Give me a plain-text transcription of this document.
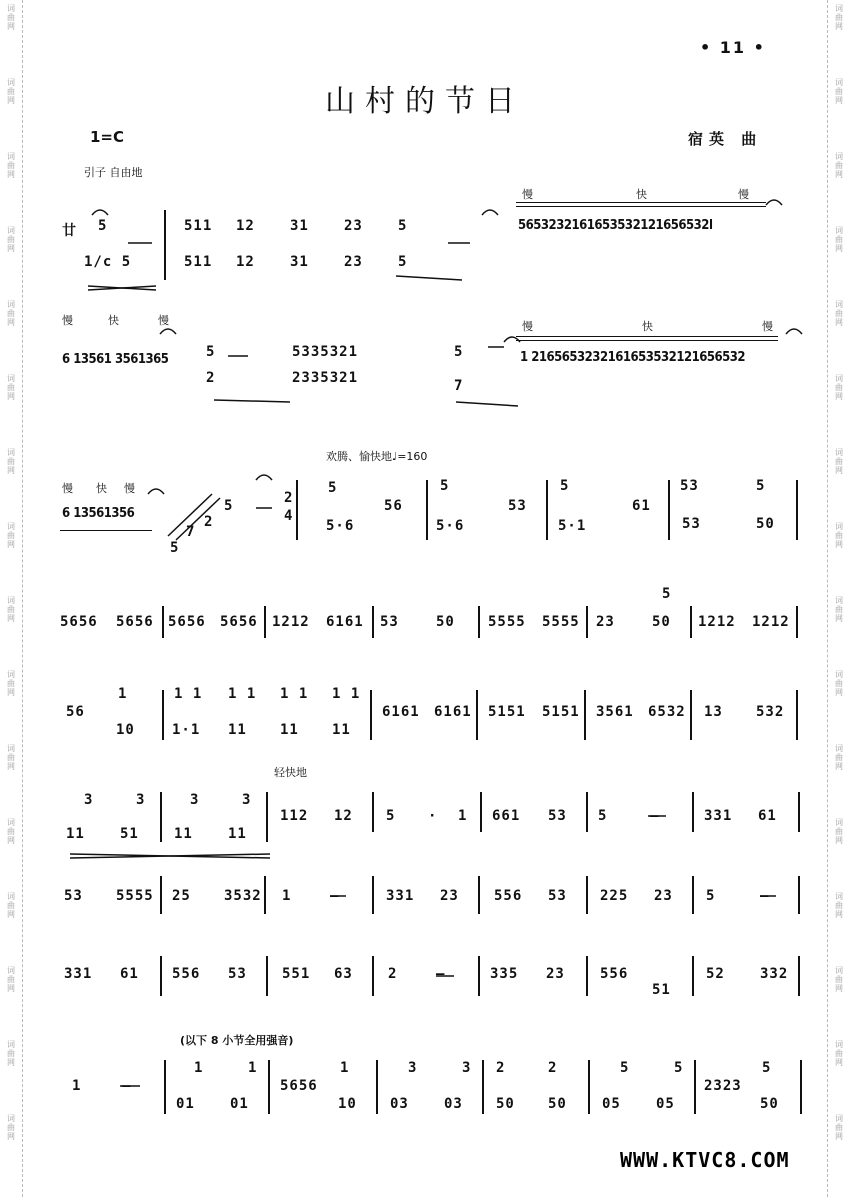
词
曲
网
词
曲
网
词
曲
网
词
曲
网
词
曲
网
词
曲
网
词
曲
网
词
曲
网
词
曲
网
词
曲
网
词
曲
网
词
曲
网
词
曲
网
词
曲
网
词
曲
网
词
曲
网
词
曲
网
词
曲
网
词
曲
网
词
曲
网
词
曲
网
词
曲
网
词
曲
网
词
曲
网
词
曲
网
词
曲
网
词
曲
网
词
曲
网
词
曲
网
词
曲
网
词
曲
网
词
曲
网
• 11 •
山村的节日
1=C	宿英 曲
引子 自由地
慢	快	慢
廿 5	511 12	31	23	5
1/c 5	511 12	31	23	5
5653232161653532121656532l
慢	快	慢	慢	快	慢
6 13561 3561365	5	5335321	5
2	2335321	7
1 2165653232161653532121656532
欢腾、愉快地♩=160
慢 快 慢
6 13561356
5
7
2
5	2
4
5
5·6
56
5
5·6
53
5
5·1
61
53	5
53	50
5
5656 5656 5656 5656 1212 6161 53	50 5555 5555 23	50 1212 1212
1	1 1 1 1 1 1 1 1
56
10	1·1 11 11 11
6161 6161 5151 5151 3561 6532 13 532
轻快地
3	3	3	3
11	51	11	11
112 12 5 · 1 661 53 5	—	331 61
53 5555 25 3532 1	—	331 23	556 53 225 23 5	—
331 61 556 53	551 63	2	—	335 23	556
51
52	332
(以下 8 小节全用强音)
1	1	1	3	3 2	2	5	5	5
1	—
01	01
5656
10 03	03 50 50	05	05
2323
50
WWW.KTVC8.COM
